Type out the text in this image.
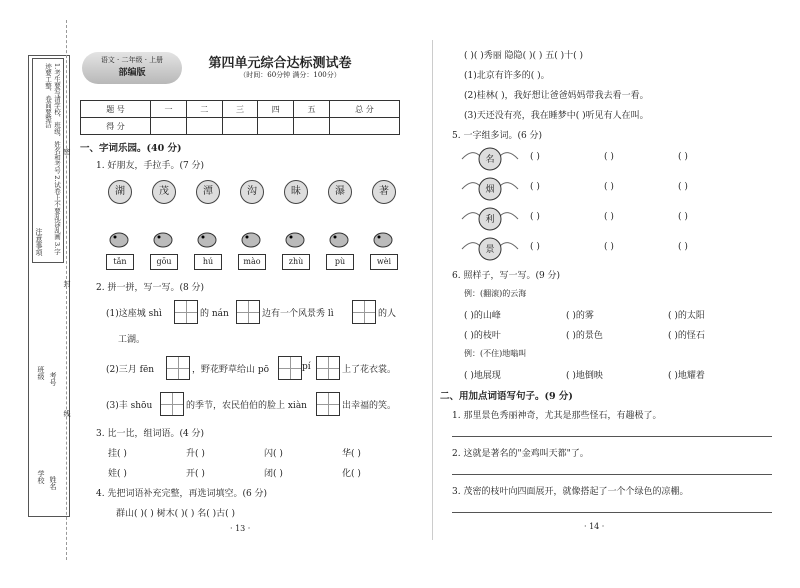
1.考生要写清学校、班级、姓名和考号 2.试卷上不要乱涂乱画 3.字迹要工整、卷面要整洁
注意事项
班级 考号
学校 姓名
密
封
线
语文 · 二年级 · 上册
部编版
第四单元综合达标测试卷
（时间：60分钟 满分：100分）
题 号	一	二	三	四	五	总 分
得 分						
一、字词乐园。(40 分)
1. 好朋友，手拉手。(7 分)
湖	茂	潭	沟	昧	瀑	著
tǎn	gōu	hú	mào	zhù	pù	wèi
2. 拼一拼，写一写。(8 分)
(1)这座城 shì	的 nán	边有一个风景秀 lì	的人
工湖。
(2)三月 fēn	，野花野草给山 pō	pí	上了花衣裳。
(3)丰 shōu	的季节，农民伯伯的脸上 xiàn	出幸福的笑。
3. 比一比，组词语。(4 分)
挂( )	升( )	闪( )	华( )
娃( )	开( )	闭( )	化( )
4. 先把词语补充完整，再选词填空。(6 分)
群山( )( ) 树木( )( ) 名( )古( )
· 13 ·
( )( )秀丽 隐隐( )( ) 五( )十( )
(1)北京有许多的( )。
(2)桂林( )，我好想让爸爸妈妈带我去看一看。
(3)天还没有亮，我在睡梦中( )听见有人在叫。
5. 一字组多词。(6 分)
名
烟
利
景
( )	( )	( )
( )	( )	( )
( )	( )	( )
( )	( )	( )
6. 照样子，写一写。(9 分)
例：(翻滚)的云海
( )的山峰	( )的雾	( )的太阳
( )的枝叶	( )的景色	( )的怪石
例：(不住)地嗡叫
( )地展现	( )地倒映	( )地耀着
二、用加点词语写句子。(9 分)
1. 那里景色秀丽神奇，尤其是那些怪石，有趣极了。
2. 这就是著名的"金鸡叫天都"了。
3. 茂密的枝叶向四面展开，就像搭起了一个个绿色的凉棚。
· 14 ·
